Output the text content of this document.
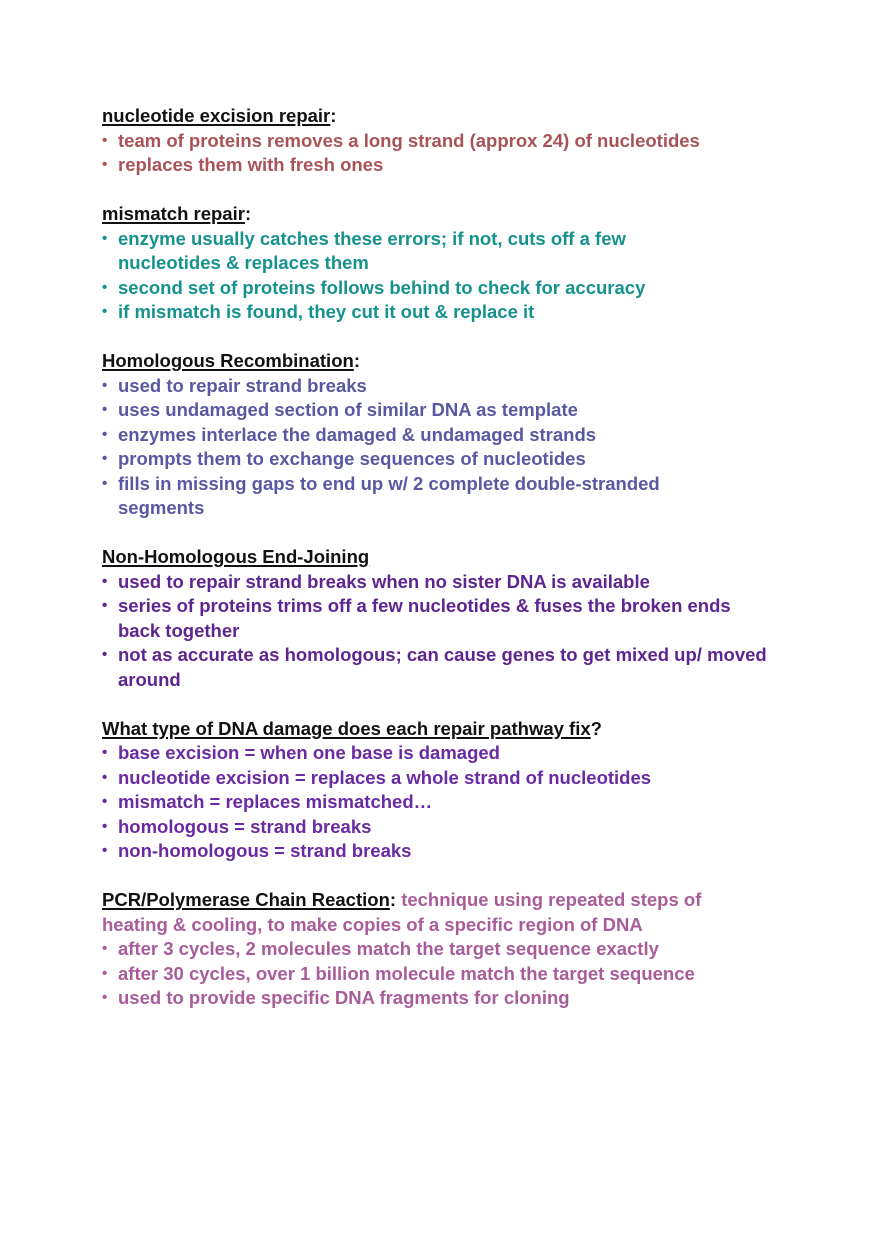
nucleotide excision repair:
• team of proteins removes a long strand (approx 24) of nucleotides
• replaces them with fresh ones
mismatch repair:
• enzyme usually catches these errors; if not, cuts off a few nucleotides & replaces them
• second set of proteins follows behind to check for accuracy
• if mismatch is found, they cut it out & replace it
Homologous Recombination:
• used to repair strand breaks
• uses undamaged section of similar DNA as template
• enzymes interlace the damaged & undamaged strands
• prompts them to exchange sequences of nucleotides
• fills in missing gaps to end up w/ 2 complete double-stranded segments
Non-Homologous End-Joining
• used to repair strand breaks when no sister DNA is available
• series of proteins trims off a few nucleotides & fuses the broken ends back together
• not as accurate as homologous; can cause genes to get mixed up/ moved around
What type of DNA damage does each repair pathway fix?
• base excision = when one base is damaged
• nucleotide excision = replaces a whole strand of nucleotides
• mismatch = replaces mismatched…
• homologous = strand breaks
• non-homologous = strand breaks
PCR/Polymerase Chain Reaction: technique using repeated steps of
heating & cooling, to make copies of a specific region of DNA
• after 3 cycles, 2 molecules match the target sequence exactly
• after 30 cycles, over 1 billion molecule match the target sequence
• used to provide specific DNA fragments for cloning
